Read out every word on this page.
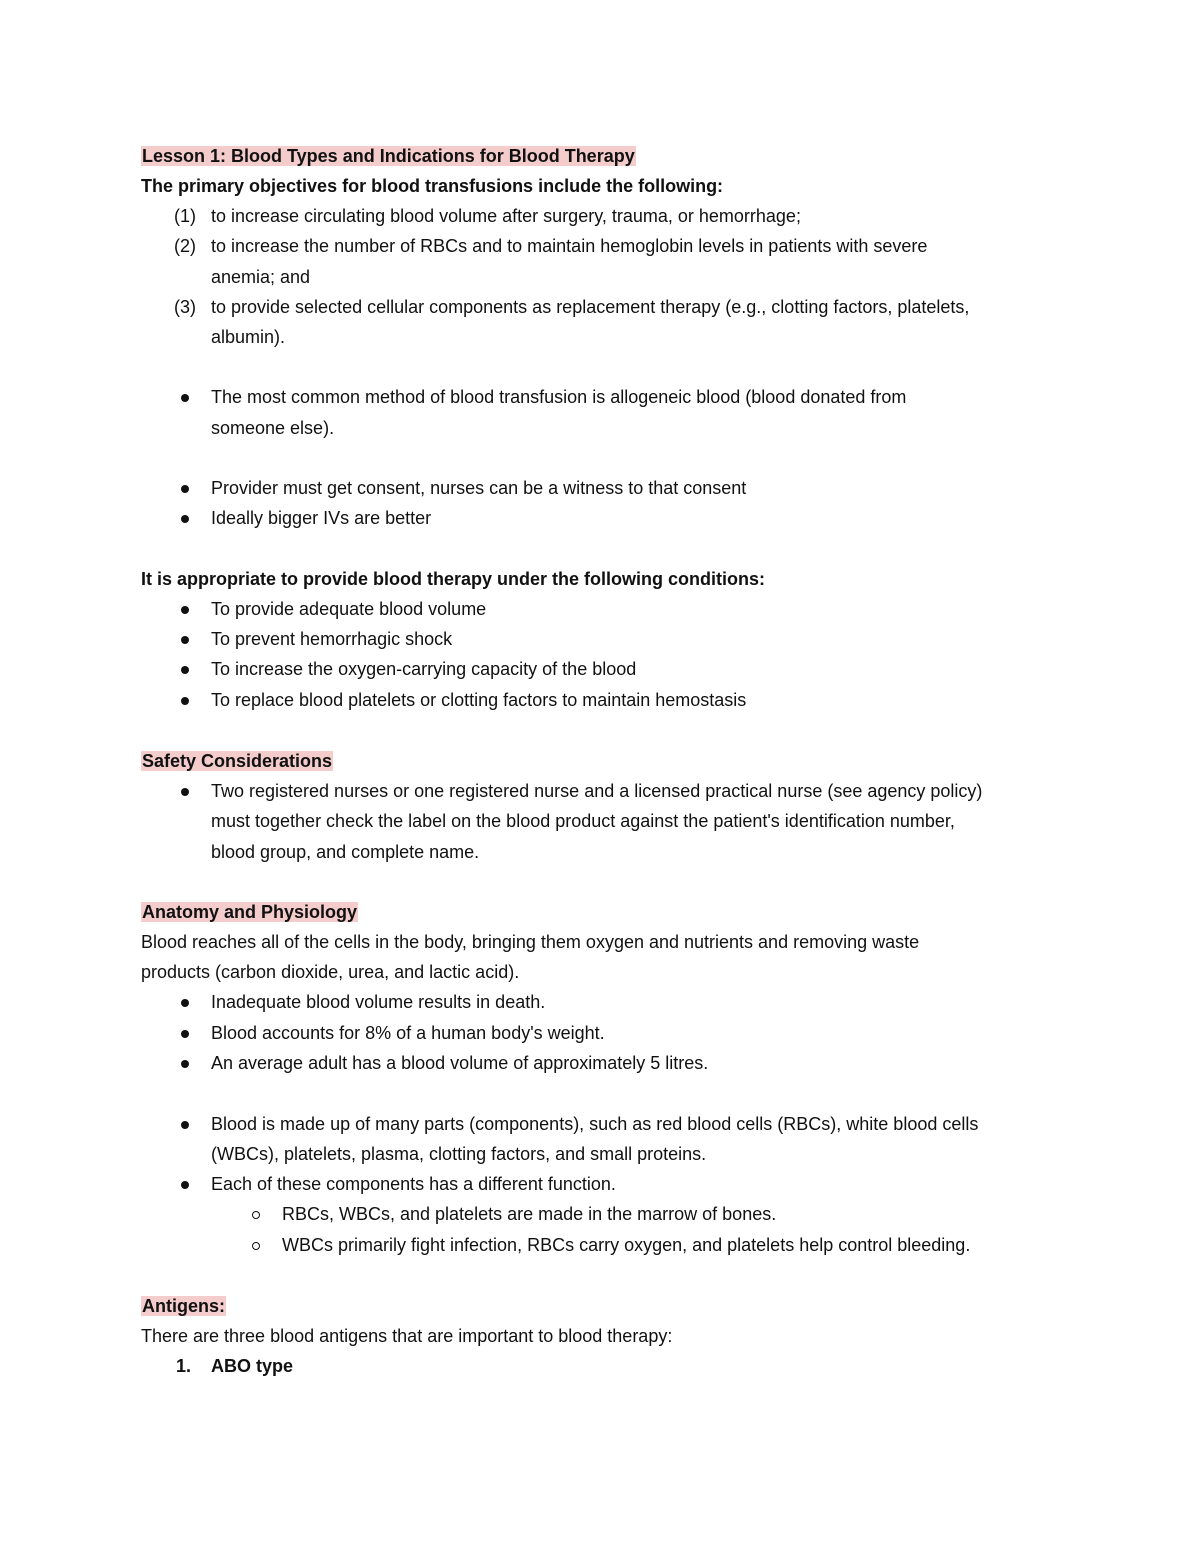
Lesson 1: Blood Types and Indications for Blood Therapy
The primary objectives for blood transfusions include the following:
(1) to increase circulating blood volume after surgery, trauma, or hemorrhage;
(2) to increase the number of RBCs and to maintain hemoglobin levels in patients with severe
anemia; and
(3) to provide selected cellular components as replacement therapy (e.g., clotting factors, platelets,
albumin).
The most common method of blood transfusion is allogeneic blood (blood donated from
someone else).
Provider must get consent, nurses can be a witness to that consent
Ideally bigger IVs are better
It is appropriate to provide blood therapy under the following conditions:
To provide adequate blood volume
To prevent hemorrhagic shock
To increase the oxygen-carrying capacity of the blood
To replace blood platelets or clotting factors to maintain hemostasis
Safety Considerations
Two registered nurses or one registered nurse and a licensed practical nurse (see agency policy)
must together check the label on the blood product against the patient's identification number,
blood group, and complete name.
Anatomy and Physiology
Blood reaches all of the cells in the body, bringing them oxygen and nutrients and removing waste
products (carbon dioxide, urea, and lactic acid).
Inadequate blood volume results in death.
Blood accounts for 8% of a human body's weight.
An average adult has a blood volume of approximately 5 litres.
Blood is made up of many parts (components), such as red blood cells (RBCs), white blood cells
(WBCs), platelets, plasma, clotting factors, and small proteins.
Each of these components has a different function.
RBCs, WBCs, and platelets are made in the marrow of bones.
WBCs primarily fight infection, RBCs carry oxygen, and platelets help control bleeding.
Antigens:
There are three blood antigens that are important to blood therapy:
1.	ABO type
